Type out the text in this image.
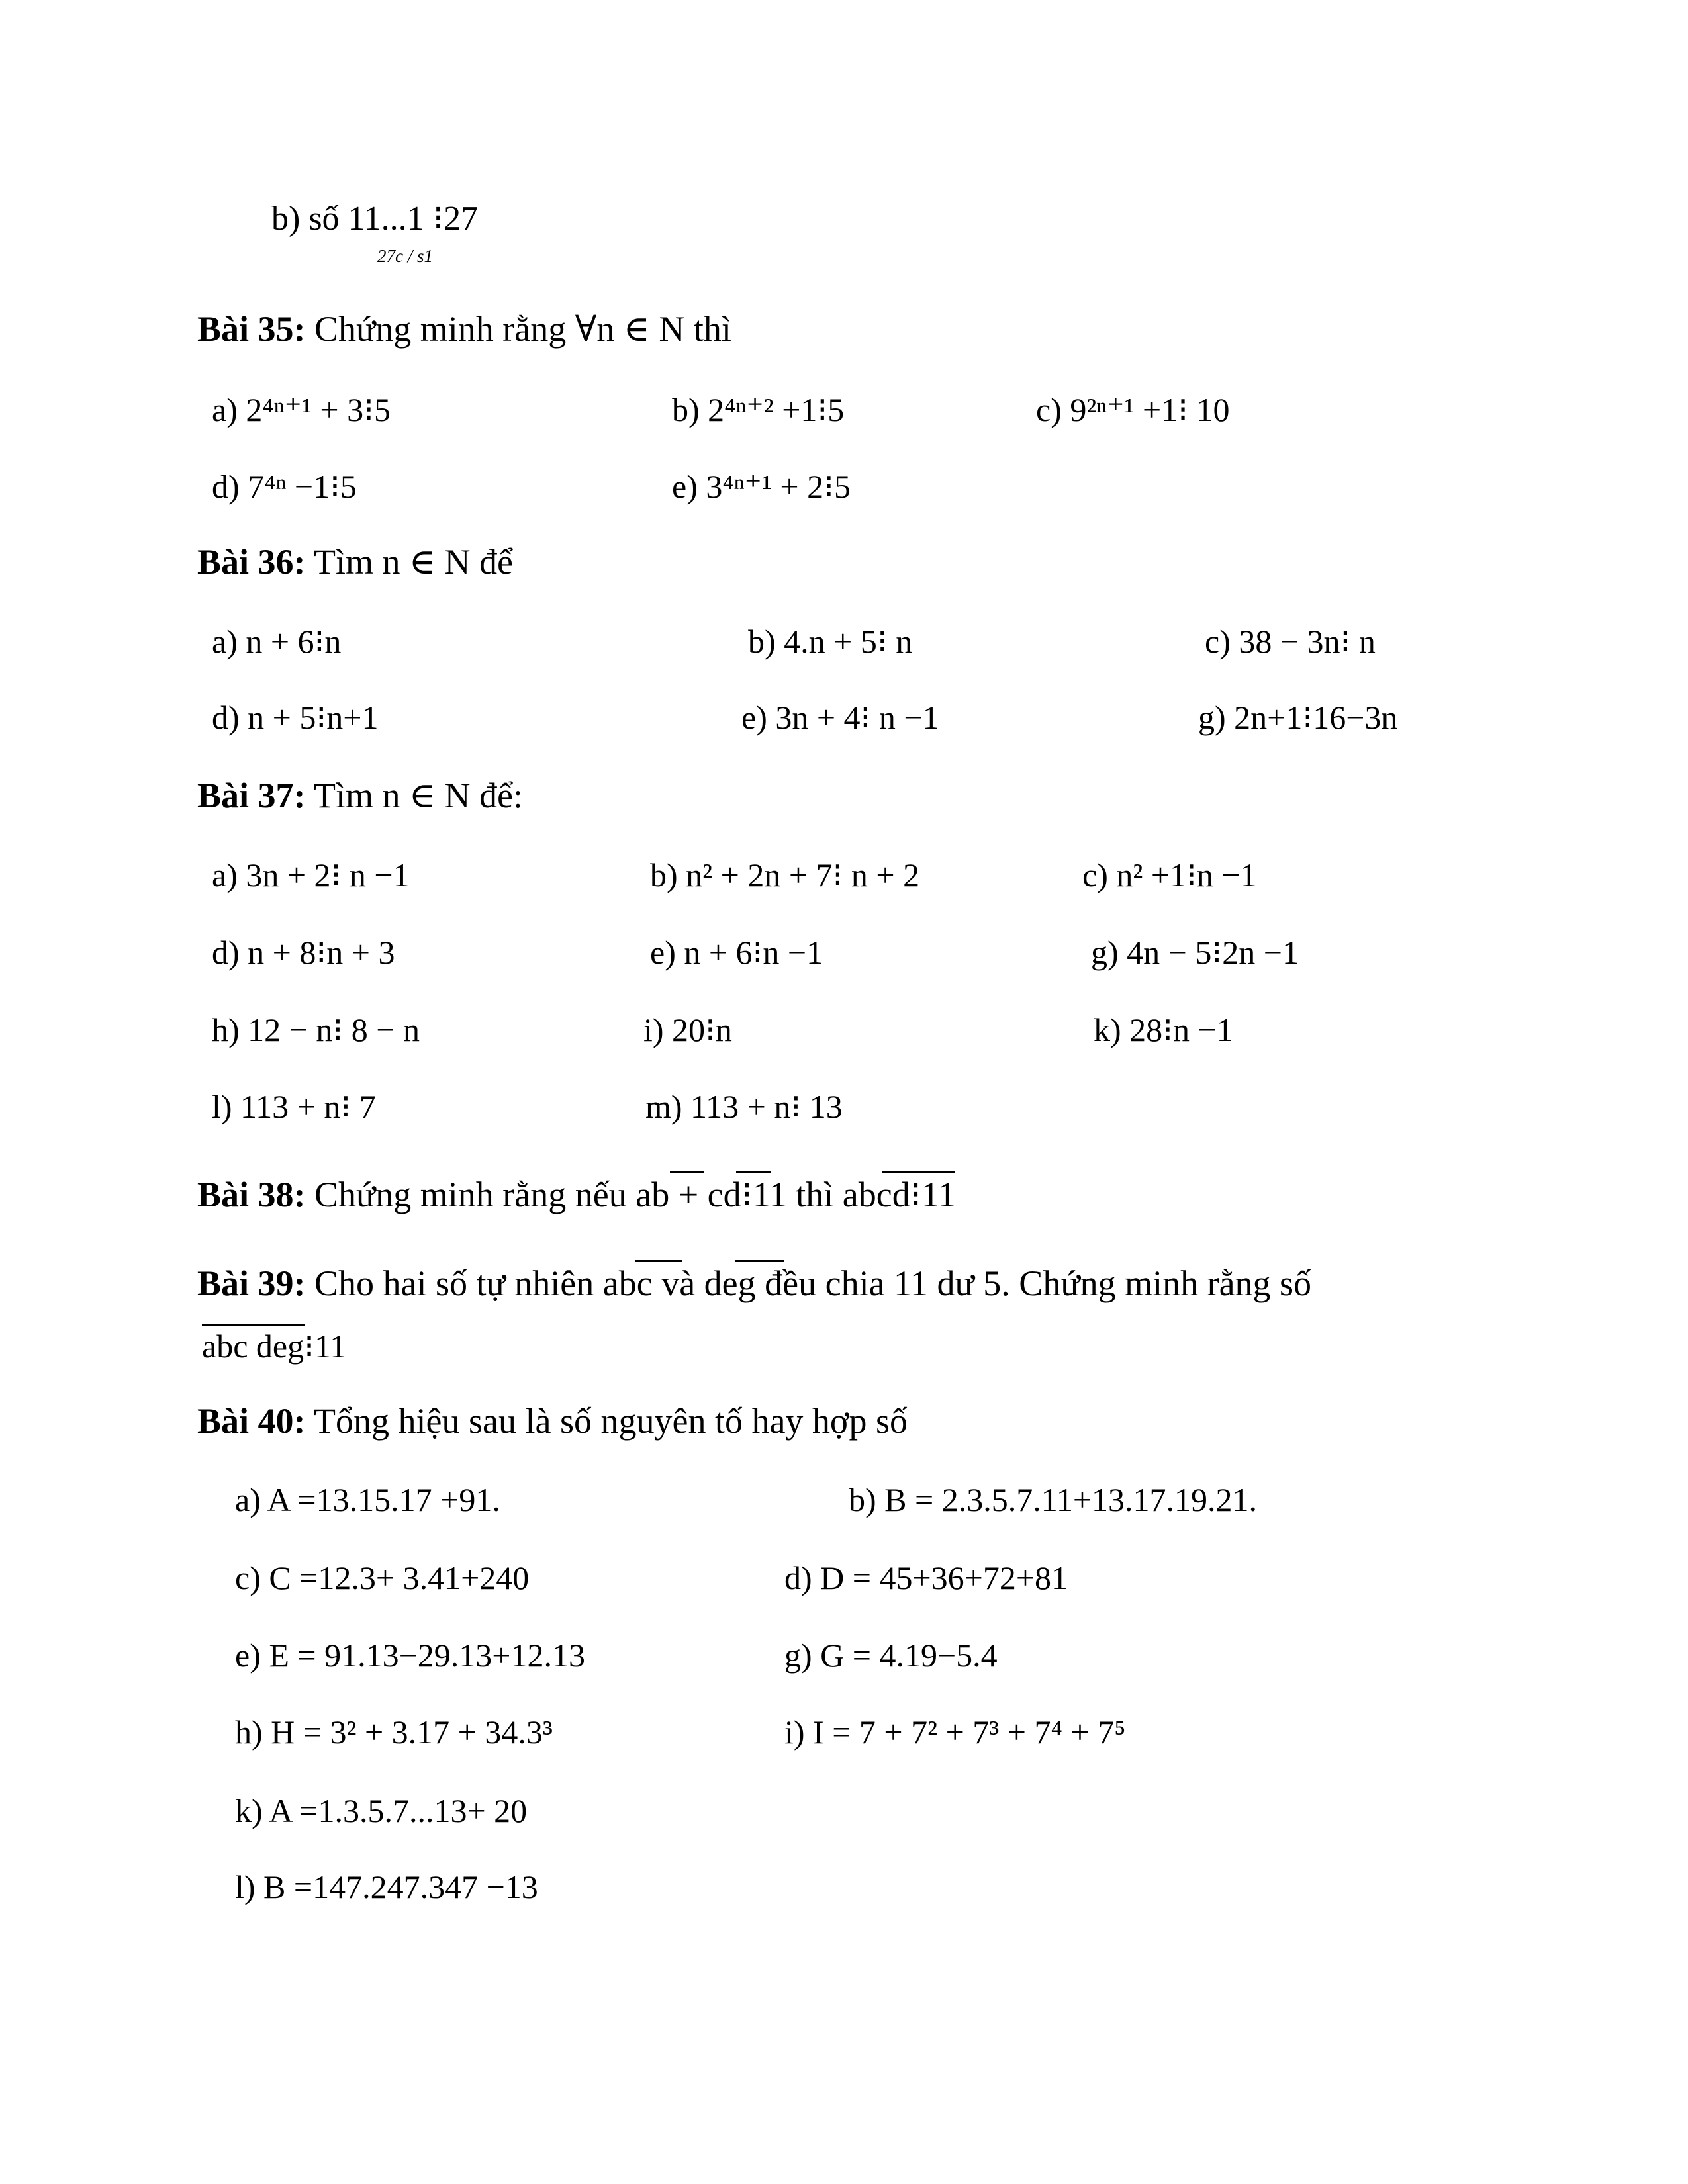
b) số 11...1 ⁝27
27c / s1
Bài 35: Chứng minh rằng ∀n ∈ N thì
a) 2⁴ⁿ⁺¹ + 3⁝5	b) 2⁴ⁿ⁺² +1⁝5	c) 9²ⁿ⁺¹ +1⁝ 10
d) 7⁴ⁿ −1⁝5	e) 3⁴ⁿ⁺¹ + 2⁝5
Bài 36: Tìm n ∈ N để
a) n + 6⁝n	b) 4.n + 5⁝ n	c) 38 − 3n⁝ n
d) n + 5⁝n+1	e) 3n + 4⁝ n −1	g) 2n+1⁝16−3n
Bài 37: Tìm n ∈ N để:
a) 3n + 2⁝ n −1	b) n² + 2n + 7⁝ n + 2	c) n² +1⁝n −1
d) n + 8⁝n + 3	e) n + 6⁝n −1	g) 4n − 5⁝2n −1
h) 12 − n⁝ 8 − n	i) 20⁝n	k) 28⁝n −1
l) 113 + n⁝ 7	m) 113 + n⁝ 13
Bài 38: Chứng minh rằng nếu ab + cd⁝11 thì abcd⁝11
Bài 39: Cho hai số tự nhiên abc và deg đều chia 11 dư 5. Chứng minh rằng số
abc deg⁝11
Bài 40: Tổng hiệu sau là số nguyên tố hay hợp số
a) A =13.15.17 +91.	b) B = 2.3.5.7.11+13.17.19.21.
c) C =12.3+ 3.41+240	d) D = 45+36+72+81
e) E = 91.13−29.13+12.13	g) G = 4.19−5.4
h) H = 3² + 3.17 + 34.3³	i) I = 7 + 7² + 7³ + 7⁴ + 7⁵
k) A =1.3.5.7...13+ 20
l) B =147.247.347 −13
